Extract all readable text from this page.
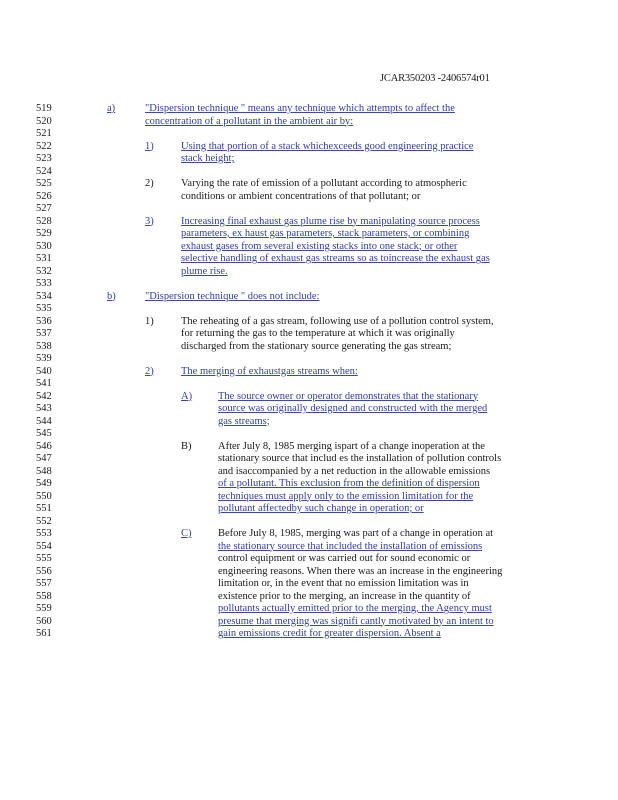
JCAR350203 -2406574r01
519
520
521
522
523
524
525
526
527
528
529
530
531
532
533
534
535
536
537
538
539
540
541
542
543
544
545
546
547
548
549
550
551
552
553
554
555
556
557
558
559
560
561
a)	"Dispersion technique " means any technique which attempts to affect the
concentration of a pollutant in the ambient air by:
1)	Using that portion of a stack whichexceeds good engineering practice
stack height;
2)	Varying the rate of emission of a pollutant according to atmospheric
conditions or ambient concentrations of that pollutant; or
3)	Increasing final exhaust gas plume rise by manipulating source process
parameters, ex haust gas parameters, stack parameters, or combining
exhaust gases from several existing stacks into one stack; or other
selective handling of exhaust gas streams so as toincrease the exhaust gas
plume rise.
b)	"Dispersion technique " does not include:
1)	The reheating of a gas stream, following use of a pollution control system,
for returning the gas to the temperature at which it was originally
discharged from the stationary source generating the gas stream;
2)	The merging of exhaustgas streams when:
A) The source owner or operator demonstrates that the stationary
source was originally designed and constructed with the merged
gas streams;
B)	After July 8, 1985 merging ispart of a change inoperation at the
stationary source that includ es the installation of pollution controls
and isaccompanied by a net reduction in the allowable emissions
of a pollutant. This exclusion from the definition of dispersion
techniques must apply only to the emission limitation for the
pollutant affectedby such change in operation; or
C)	Before July 8, 1985, merging was part of a change in operation at
the stationary source that included the installation of emissions
control equipment or was carried out for sound economic or
engineering reasons. When there was an increase in the engineering
limitation or, in the event that no emission limitation was in
existence prior to the merging, an increase in the quantity of
pollutants actually emitted prior to the merging, the Agency must
presume that merging was signifi cantly motivated by an intent to
gain emissions credit for greater dispersion. Absent a
